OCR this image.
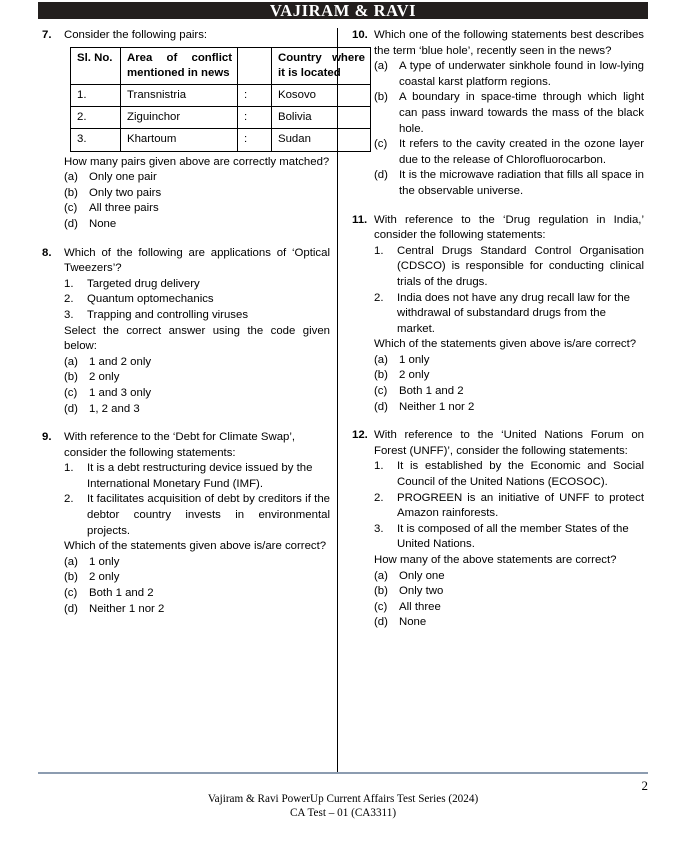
VAJIRAM & RAVI
7. Consider the following pairs:
Sl. No.	Area of conflict mentioned in news		Country where it is located
1.	Transnistria	:	Kosovo
2.	Ziguinchor	:	Bolivia
3.	Khartoum	:	Sudan
How many pairs given above are correctly matched?
(a) Only one pair
(b) Only two pairs
(c) All three pairs
(d) None
8. Which of the following are applications of ‘Optical Tweezers’?
1. Targeted drug delivery
2. Quantum optomechanics
3. Trapping and controlling viruses
Select the correct answer using the code given below:
(a) 1 and 2 only
(b) 2 only
(c) 1 and 3 only
(d) 1, 2 and 3
9. With reference to the ‘Debt for Climate Swap’, consider the following statements:
1. It is a debt restructuring device issued by the International Monetary Fund (IMF).
2. It facilitates acquisition of debt by creditors if the debtor country invests in environmental projects.
Which of the statements given above is/are correct?
(a) 1 only
(b) 2 only
(c) Both 1 and 2
(d) Neither 1 nor 2
10. Which one of the following statements best describes the term ‘blue hole’, recently seen in the news?
(a) A type of underwater sinkhole found in low-lying coastal karst platform regions.
(b) A boundary in space-time through which light can pass inward towards the mass of the black hole.
(c) It refers to the cavity created in the ozone layer due to the release of Chlorofluorocarbon.
(d) It is the microwave radiation that fills all space in the observable universe.
11. With reference to the ‘Drug regulation in India,’ consider the following statements:
1. Central Drugs Standard Control Organisation (CDSCO) is responsible for conducting clinical trials of the drugs.
2. India does not have any drug recall law for the withdrawal of substandard drugs from the market.
Which of the statements given above is/are correct?
(a) 1 only
(b) 2 only
(c) Both 1 and 2
(d) Neither 1 nor 2
12. With reference to the ‘United Nations Forum on Forest (UNFF)’, consider the following statements:
1. It is established by the Economic and Social Council of the United Nations (ECOSOC).
2. PROGREEN is an initiative of UNFF to protect Amazon rainforests.
3. It is composed of all the member States of the United Nations.
How many of the above statements are correct?
(a) Only one
(b) Only two
(c) All three
(d) None
2
Vajiram & Ravi PowerUp Current Affairs Test Series (2024)
CA Test – 01 (CA3311)
